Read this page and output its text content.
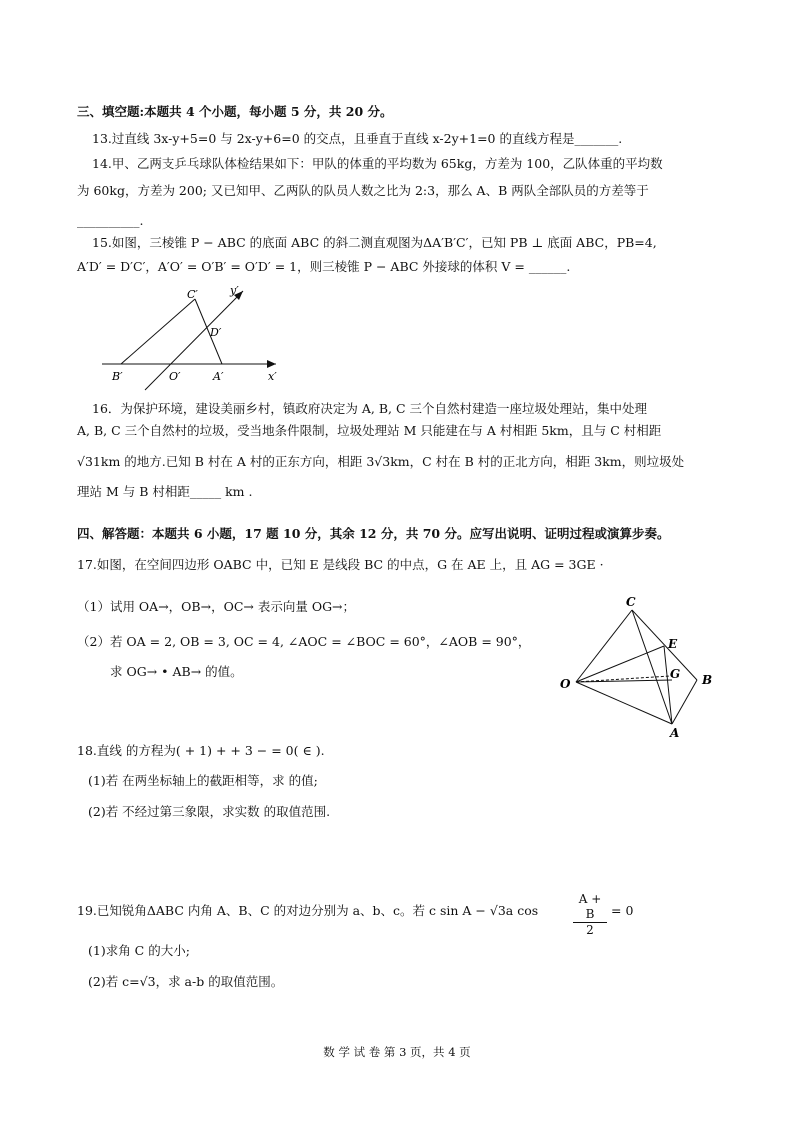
三、填空题:本题共 4 个小题，每小题 5 分，共 20 分。
13.过直线 3x-y+5=0 与 2x-y+6=0 的交点，且垂直于直线 x-2y+1=0 的直线方程是_______.
14.甲、乙两支乒乓球队体检结果如下：甲队的体重的平均数为 65kg，方差为 100，乙队体重的平均数
为 60kg，方差为 200; 又已知甲、乙两队的队员人数之比为 2:3，那么 A、B 两队全部队员的方差等于
__________.
15.如图，三棱锥 P − ABC 的底面 ABC 的斜二测直观图为ΔA′B′C′，已知 PB ⊥ 底面 ABC，PB=4,
A′D′ = D′C′，A′O′ = O′B′ = O′D′ = 1，则三棱锥 P − ABC 外接球的体积 V = ______.
C′	y′
D′
B′	O′	A′	x′
16．为保护环境，建设美丽乡村，镇政府决定为 A, B, C 三个自然村建造一座垃圾处理站，集中处理
A, B, C 三个自然村的垃圾，受当地条件限制，垃圾处理站 M 只能建在与 A 村相距 5km，且与 C 村相距
√31km 的地方.已知 B 村在 A 村的正东方向，相距 3√3km，C 村在 B 村的正北方向，相距 3km，则垃圾处
理站 M 与 B 村相距_____ km .
四、解答题：本题共 6 小题，17 题 10 分，其余 12 分，共 70 分。应写出说明、证明过程或演算步奏。
17.如图，在空间四边形 OABC 中，已知 E 是线段 BC 的中点，G 在 AE 上，且 AG = 3GE ·
（1）试用 OA→，OB→，OC→ 表示向量 OG→；
（2）若 OA = 2, OB = 3, OC = 4, ∠AOC = ∠BOC = 60°，∠AOB = 90°，
求 OG→ • AB→ 的值。
C
E
G
O	B
A
18.直线 的方程为( + 1) + + 3 − = 0( ∈ ).
(1)若 在两坐标轴上的截距相等，求 的值;
(2)若 不经过第三象限，求实数 的取值范围.
19.已知锐角ΔABC 内角 A、B、C 的对边分别为 a、b、c。若 c sin A − √3a cos	$\frac{A + B}{2} = 0$
(1)求角 C 的大小;
(2)若 c=√3，求 a-b 的取值范围。
数 学 试 卷 第 3 页，共 4 页
